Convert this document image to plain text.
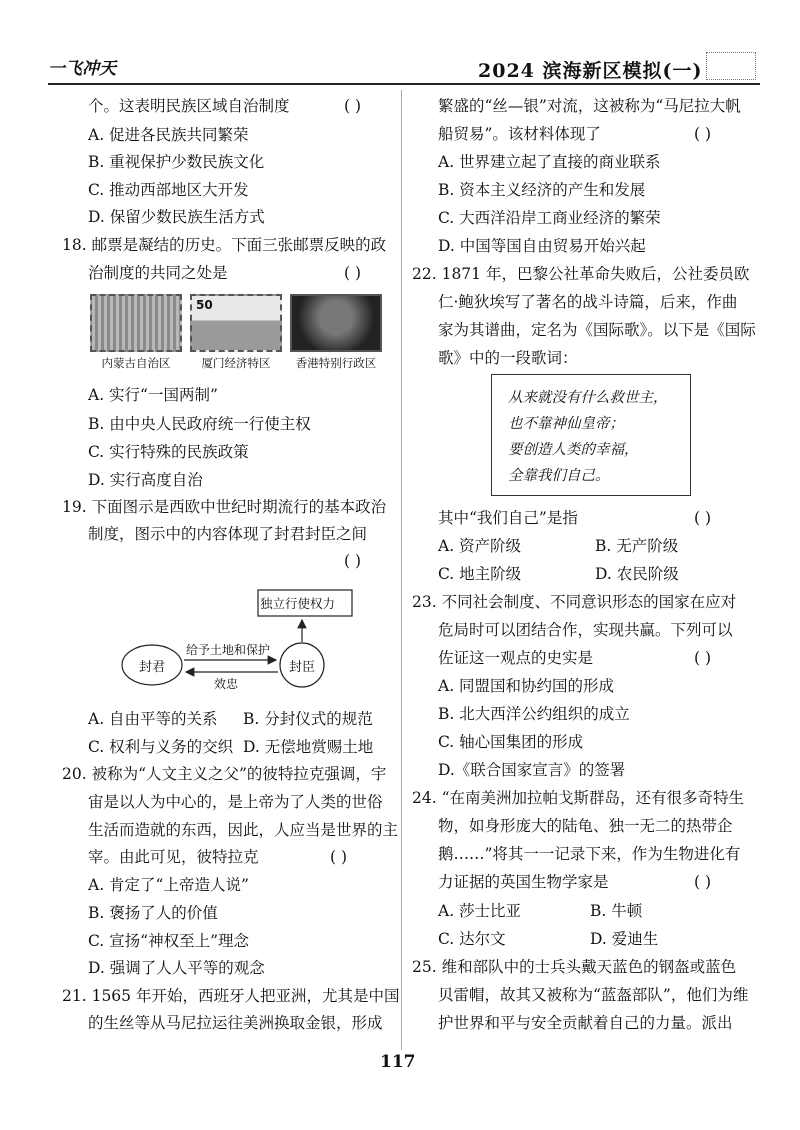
一飞冲天	2024 滨海新区模拟(一)
个。这表明民族区域自治制度	( )
A. 促进各民族共同繁荣
B. 重视保护少数民族文化
C. 推动西部地区大开发
D. 保留少数民族生活方式
18. 邮票是凝结的历史。下面三张邮票反映的政
治制度的共同之处是	( )
内蒙古自治区
50
厦门经济特区 香港特别行政区
A. 实行“一国两制”
B. 由中央人民政府统一行使主权
C. 实行特殊的民族政策
D. 实行高度自治
19. 下面图示是西欧中世纪时期流行的基本政治
制度，图示中的内容体现了封君封臣之间
( )
独立行使权力
封君	封臣
给予土地和保护
效忠
A. 自由平等的关系 B. 分封仪式的规范
C. 权利与义务的交织 D. 无偿地赏赐土地
20. 被称为“人文主义之父”的彼特拉克强调，宇
宙是以人为中心的，是上帝为了人类的世俗
生活而造就的东西，因此，人应当是世界的主
宰。由此可见，彼特拉克	( )
A. 肯定了“上帝造人说”
B. 褒扬了人的价值
C. 宣扬“神权至上”理念
D. 强调了人人平等的观念
21. 1565 年开始，西班牙人把亚洲，尤其是中国
的生丝等从马尼拉运往美洲换取金银，形成
繁盛的“丝—银”对流，这被称为“马尼拉大帆
船贸易”。该材料体现了	( )
A. 世界建立起了直接的商业联系
B. 资本主义经济的产生和发展
C. 大西洋沿岸工商业经济的繁荣
D. 中国等国自由贸易开始兴起
22. 1871 年，巴黎公社革命失败后，公社委员欧
仁·鲍狄埃写了著名的战斗诗篇，后来，作曲
家为其谱曲，定名为《国际歌》。以下是《国际
歌》中的一段歌词：
从来就没有什么救世主，
也不靠神仙皇帝；
要创造人类的幸福，
全靠我们自己。
其中“我们自己”是指	( )
A. 资产阶级	B. 无产阶级
C. 地主阶级	D. 农民阶级
23. 不同社会制度、不同意识形态的国家在应对
危局时可以团结合作，实现共赢。下列可以
佐证这一观点的史实是	( )
A. 同盟国和协约国的形成
B. 北大西洋公约组织的成立
C. 轴心国集团的形成
D.《联合国家宣言》的签署
24. “在南美洲加拉帕戈斯群岛，还有很多奇特生
物，如身形庞大的陆龟、独一无二的热带企
鹅……”将其一一记录下来，作为生物进化有
力证据的英国生物学家是	( )
A. 莎士比亚	B. 牛顿
C. 达尔文	D. 爱迪生
25. 维和部队中的士兵头戴天蓝色的钢盔或蓝色
贝雷帽，故其又被称为“蓝盔部队”，他们为维
护世界和平与安全贡献着自己的力量。派出
117
